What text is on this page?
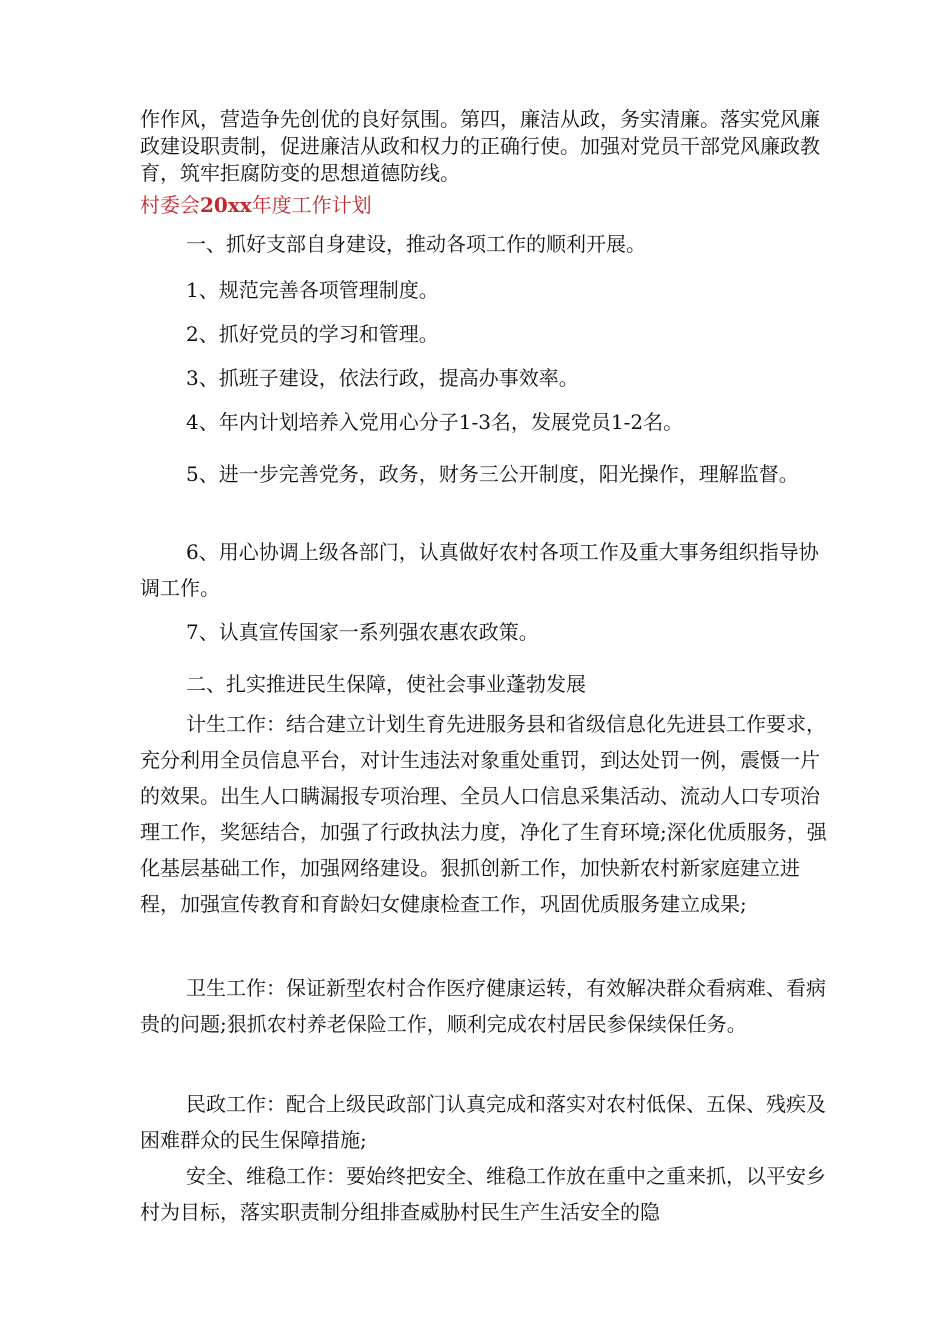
作作风，营造争先创优的良好氛围。第四，廉洁从政，务实清廉。落实党风廉政建设职责制，促进廉洁从政和权力的正确行使。加强对党员干部党风廉政教育，筑牢拒腐防变的思想道德防线。

村委会20xx年度工作计划

一、抓好支部自身建设，推动各项工作的顺利开展。

1、规范完善各项管理制度。

2、抓好党员的学习和管理。

3、抓班子建设，依法行政，提高办事效率。

4、年内计划培养入党用心分子1-3名，发展党员1-2名。

5、进一步完善党务，政务，财务三公开制度，阳光操作，理解监督。

6、用心协调上级各部门，认真做好农村各项工作及重大事务组织指导协调工作。

7、认真宣传国家一系列强农惠农政策。

二、扎实推进民生保障，使社会事业蓬勃发展

计生工作：结合建立计划生育先进服务县和省级信息化先进县工作要求，充分利用全员信息平台，对计生违法对象重处重罚，到达处罚一例，震慑一片的效果。出生人口瞒漏报专项治理、全员人口信息采集活动、流动人口专项治理工作，奖惩结合，加强了行政执法力度，净化了生育环境;深化优质服务，强化基层基础工作，加强网络建设。狠抓创新工作，加快新农村新家庭建立进程，加强宣传教育和育龄妇女健康检查工作，巩固优质服务建立成果;

卫生工作：保证新型农村合作医疗健康运转，有效解决群众看病难、看病贵的问题;狠抓农村养老保险工作，顺利完成农村居民参保续保任务。

民政工作：配合上级民政部门认真完成和落实对农村低保、五保、残疾及困难群众的民生保障措施;

安全、维稳工作：要始终把安全、维稳工作放在重中之重来抓，以平安乡村为目标，落实职责制分组排查威胁村民生产生活安全的隐
